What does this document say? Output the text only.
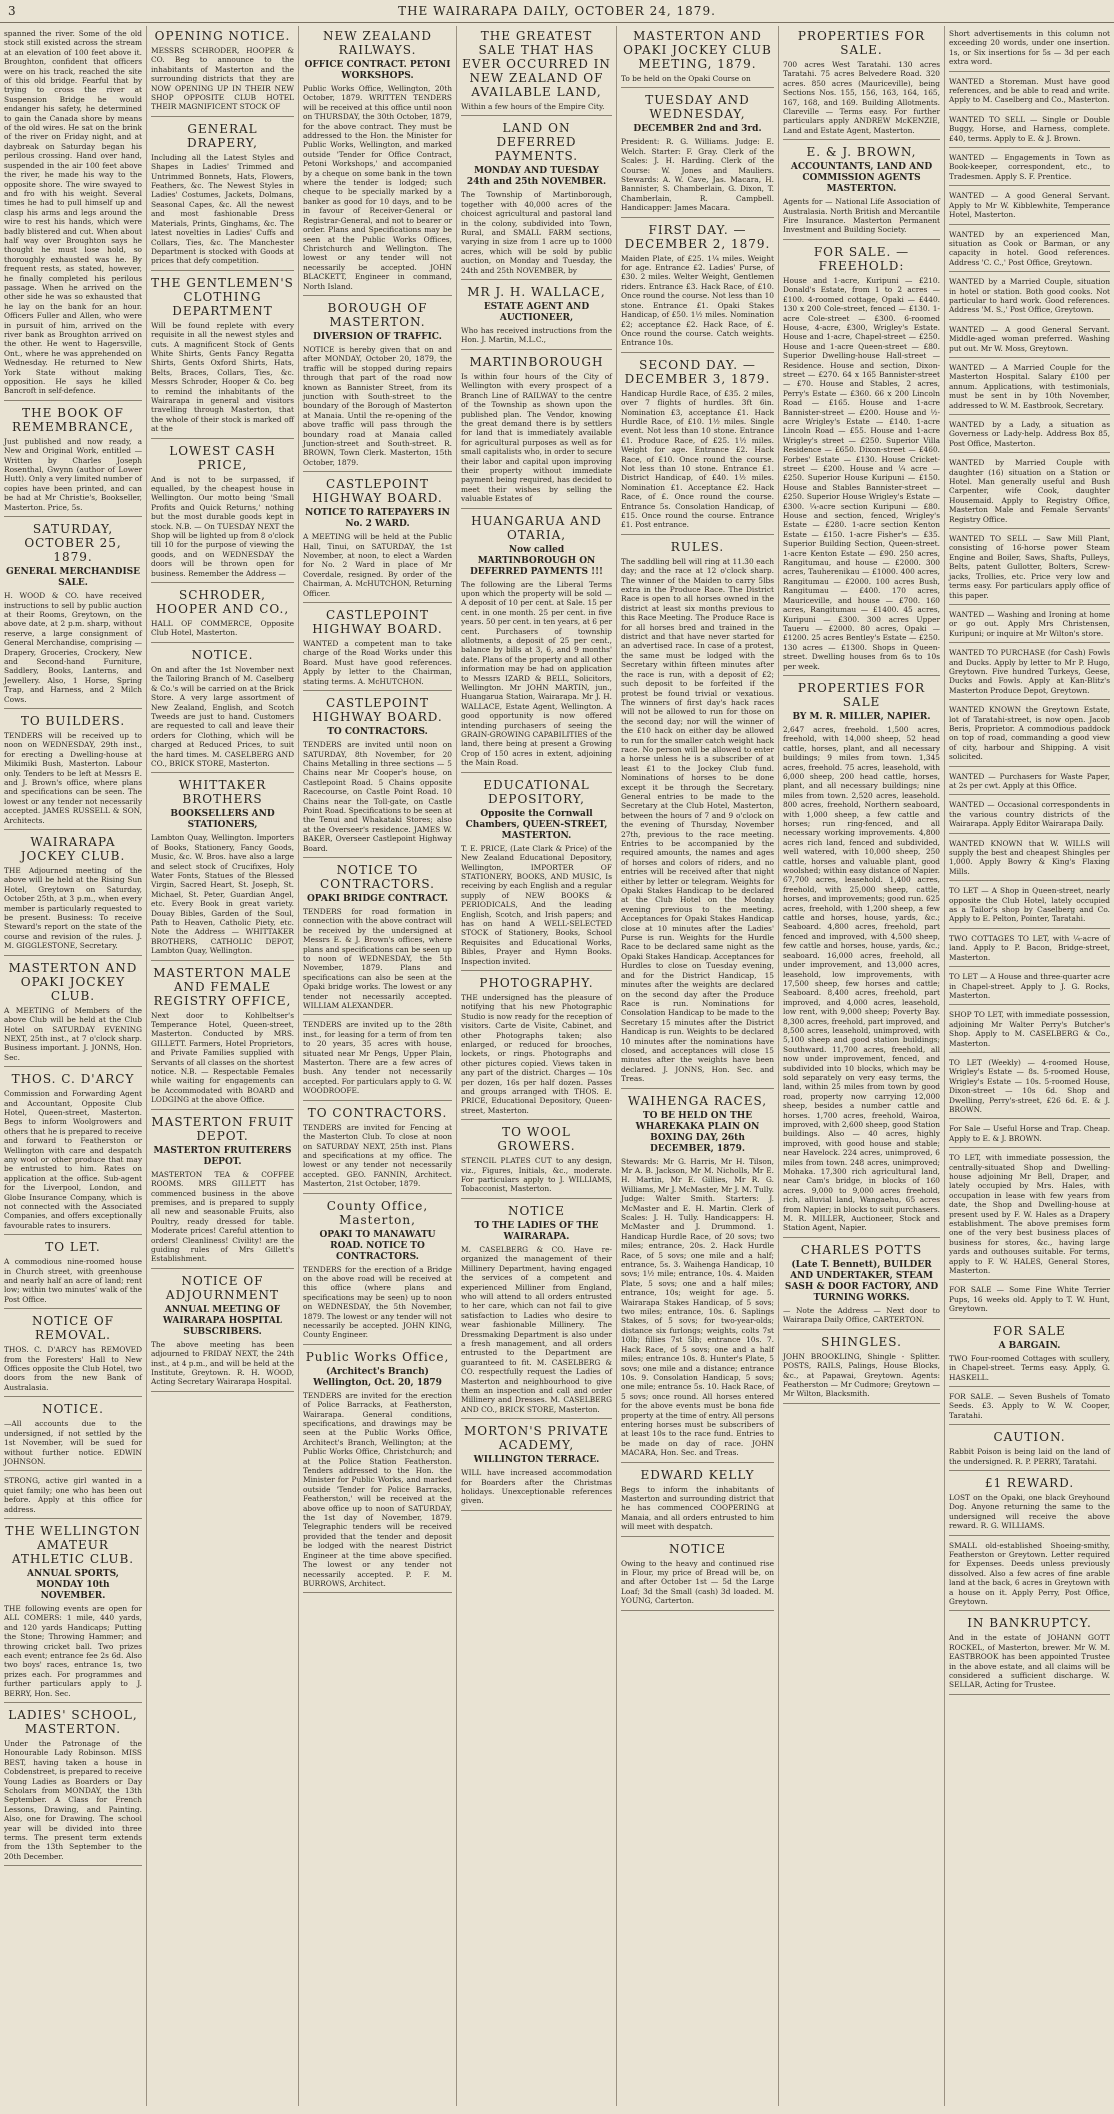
3	THE WAIRARAPA DAILY, OCTOBER 24, 1879.
spanned the river. Some of the old stock still existed across the stream at an elevation of 100 feet above it. Broughton, confident that officers were on his track, reached the site of this old bridge. Fearful that by trying to cross the river at Suspension Bridge he would endanger his safety, he determined to gain the Canada shore by means of the old wires. He sat on the brink of the river on Friday night, and at daybreak on Saturday began his perilous crossing. Hand over hand, suspended in the air 100 feet above the river, he made his way to the opposite shore. The wire swayed to and fro with his weight. Several times he had to pull himself up and clasp his arms and legs around the wire to rest his hands, which were badly blistered and cut. When about half way over Broughton says he thought he must lose hold, so thoroughly exhausted was he. By frequent rests, as stated, however, he finally completed his perilous passage. When he arrived on the other side he was so exhausted that he lay on the bank for an hour. Officers Fuller and Allen, who were in pursuit of him, arrived on the river bank as Broughton arrived on the other. He went to Hagersville, Ont., where he was apprehended on Wednesday. He returned to New York State without making opposition. He says he killed Bancroft in self-defence.
THE BOOK OF REMEMBRANCE,
Just published and now ready, a New and Original Work, entitled — Written by Charles Joseph Rosenthal, Gwynn (author of Lower Hutt). Only a very limited number of copies have been printed, and can be had at Mr Christie's, Bookseller, Masterton. Price, 5s.
SATURDAY, OCTOBER 25, 1879.
GENERAL MERCHANDISE SALE.
H. WOOD & CO. have received instructions to sell by public auction at their Rooms, Greytown, on the above date, at 2 p.m. sharp, without reserve, a large consignment of General Merchandise, comprising — Drapery, Groceries, Crockery, New and Second-hand Furniture, Saddlery, Books, Lanterns, and Jewellery. Also, 1 Horse, Spring Trap, and Harness, and 2 Milch Cows.
TO BUILDERS.
TENDERS will be received up to noon on WEDNESDAY, 29th inst., for erecting a Dwelling-house at Mikimiki Bush, Masterton. Labour only. Tenders to be left at Messrs E. and J. Brown's office, where plans and specifications can be seen. The lowest or any tender not necessarily accepted. JAMES RUSSELL & SON, Architects.
WAIRARAPA JOCKEY CLUB.
THE Adjourned meeting of the above will be held at the Rising Sun Hotel, Greytown on Saturday, October 25th, at 3 p.m., when every member is particularly requested to be present. Business: To receive Steward's report on the state of the course and revision of the rules. J. M. GIGGLESTONE, Secretary.
MASTERTON AND OPAKI JOCKEY CLUB.
A MEETING of Members of the above Club will be held at the Club Hotel on SATURDAY EVENING NEXT, 25th inst., at 7 o'clock sharp. Business important. J. JONNS, Hon. Sec.
THOS. C. D'ARCY
Commission and Forwarding Agent and Accountant, Opposite Club Hotel, Queen-street, Masterton. Begs to inform Woolgrowers and others that he is prepared to receive and forward to Featherston or Wellington with care and despatch any wool or other produce that may be entrusted to him. Rates on application at the office. Sub-agent for the Liverpool, London, and Globe Insurance Company, which is not connected with the Associated Companies, and offers exceptionally favourable rates to insurers.
TO LET.
A commodious nine-roomed house in Church street, with greenhouse and nearly half an acre of land; rent low; within two minutes' walk of the Post Office.
NOTICE OF REMOVAL.
THOS. C. D'ARCY has REMOVED from the Foresters' Hall to New Offices opposite the Club Hotel, two doors from the new Bank of Australasia.
NOTICE.
—All accounts due to the undersigned, if not settled by the 1st November, will be sued for without further notice. EDWIN JOHNSON.
STRONG, active girl wanted in a quiet family; one who has been out before. Apply at this office for address.
THE WELLINGTON AMATEUR ATHLETIC CLUB.
ANNUAL SPORTS, MONDAY 10th NOVEMBER.
THE following events are open for ALL COMERS: 1 mile, 440 yards, and 120 yards Handicaps; Putting the Stone; Throwing Hammer; and throwing cricket ball. Two prizes each event; entrance fee 2s 6d. Also two boys' races, entrance 1s, two prizes each. For programmes and further particulars apply to J. BERRY, Hon. Sec.
LADIES' SCHOOL, MASTERTON.
Under the Patronage of the Honourable Lady Robinson. MISS BEST, having taken a house in Cobdenstreet, is prepared to receive Young Ladies as Boarders or Day Scholars from MONDAY, the 13th September. A Class for French Lessons, Drawing, and Painting. Also, one for Drawing. The school year will be divided into three terms. The present term extends from the 13th September to the 20th December.
OPENING NOTICE.
MESSRS SCHRODER, HOOPER & CO. Beg to announce to the inhabitants of Masterton and the surrounding districts that they are NOW OPENING UP IN THEIR NEW SHOP OPPOSITE CLUB HOTEL THEIR MAGNIFICENT STOCK OF
GENERAL DRAPERY,
Including all the Latest Styles and Shapes in Ladies' Trimmed and Untrimmed Bonnets, Hats, Flowers, Feathers, &c. The Newest Styles in Ladies' Costumes, Jackets, Dolmans, Seasonal Capes, &c. All the newest and most fashionable Dress Materials, Prints, Ginghams, &c. The latest novelties in Ladies' Cuffs and Collars, Ties, &c. The Manchester Department is stocked with Goods at prices that defy competition.
THE GENTLEMEN'S CLOTHING DEPARTMENT
Will be found replete with every requisite in all the newest styles and cuts. A magnificent Stock of Gents White Shirts, Gents Fancy Regatta Shirts, Gents Oxford Shirts, Hats, Belts, Braces, Collars, Ties, &c. Messrs Schroder, Hooper & Co. beg to remind the inhabitants of the Wairarapa in general and visitors travelling through Masterton, that the whole of their stock is marked off at the
LOWEST CASH PRICE,
And is not to be surpassed, if equalled, by the cheapest house in Wellington. Our motto being 'Small Profits and Quick Returns,' nothing but the most durable goods kept in stock. N.B. — On TUESDAY NEXT the Shop will be lighted up from 8 o'clock till 10 for the purpose of viewing the goods, and on WEDNESDAY the doors will be thrown open for business. Remember the Address —
SCHRODER, HOOPER AND CO.,
HALL OF COMMERCE, Opposite Club Hotel, Masterton.
NOTICE.
On and after the 1st November next the Tailoring Branch of M. Caselberg & Co.'s will be carried on at the Brick Store. A very large assortment of New Zealand, English, and Scotch Tweeds are just to hand. Customers are requested to call and leave their orders for Clothing, which will be charged at Reduced Prices, to suit the hard times. M. CASELBERG AND CO., BRICK STORE, Masterton.
WHITTAKER BROTHERS
BOOKSELLERS AND STATIONERS,
Lambton Quay, Wellington. Importers of Books, Stationery, Fancy Goods, Music, &c. W. Bros. have also a large and select stock of Crucifixes, Holy Water Fonts, Statues of the Blessed Virgin, Sacred Heart, St. Joseph, St. Michael, St. Peter, Guardian Angel, etc. Every Book in great variety. Douay Bibles, Garden of the Soul, Path to Heaven, Catholic Piety, etc. Note the Address — WHITTAKER BROTHERS, CATHOLIC DEPOT, Lambton Quay, Wellington.
MASTERTON MALE AND FEMALE REGISTRY OFFICE,
Next door to Kohlbeltser's Temperance Hotel, Queen-street, Masterton. Conducted by MRS. GILLETT. Farmers, Hotel Proprietors, and Private Families supplied with Servants of all classes on the shortest notice. N.B. — Respectable Females while waiting for engagements can be Accommodated with BOARD and LODGING at the above Office.
MASTERTON FRUIT DEPOT.
MASTERTON FRUITERERS DEPOT.
MASTERTON TEA & COFFEE ROOMS. MRS GILLETT has commenced business in the above premises, and is prepared to supply all new and seasonable Fruits, also Poultry, ready dressed for table. Moderate prices! Careful attention to orders! Cleanliness! Civility! are the guiding rules of Mrs Gillett's Establishment.
NOTICE OF ADJOURNMENT
ANNUAL MEETING OF WAIRARAPA HOSPITAL SUBSCRIBERS.
The above meeting has been adjourned to FRIDAY NEXT, the 24th inst., at 4 p.m., and will be held at the Institute, Greytown. R. H. WOOD, Acting Secretary Wairarapa Hospital.
NEW ZEALAND RAILWAYS.
OFFICE CONTRACT. PETONI WORKSHOPS.
Public Works Office, Wellington, 20th October, 1879. WRITTEN TENDERS will be received at this office until noon on THURSDAY, the 30th October, 1879, for the above contract. They must be addressed to the Hon. the Minister for Public Works, Wellington, and marked outside 'Tender for Office Contract, Petoni Workshops,' and accompanied by a cheque on some bank in the town where the tender is lodged; such cheque to be specially marked by a banker as good for 10 days, and to be in favour of Receiver-General or Registrar-General, and not to bearer or order. Plans and Specifications may be seen at the Public Works Offices, Christchurch and Wellington. The lowest or any tender will not necessarily be accepted. JOHN BLACKETT, Engineer in command, North Island.
BOROUGH OF MASTERTON.
DIVERSION OF TRAFFIC.
NOTICE is hereby given that on and after MONDAY, October 20, 1879, the traffic will be stopped during repairs through that part of the road now known as Bannister Street, from its junction with South-street to the boundary of the Borough of Masterton at Manaia. Until the re-opening of the above traffic will pass through the boundary road at Manaia called Junction-street and South-street. R. BROWN, Town Clerk. Masterton, 15th October, 1879.
CASTLEPOINT HIGHWAY BOARD.
NOTICE TO RATEPAYERS IN No. 2 WARD.
A MEETING will be held at the Public Hall, Tinui, on SATURDAY, the 1st November, at noon, to elect a Warden for No. 2 Ward in place of Mr Coverdale, resigned. By order of the Chairman, A. McHUTCHON, Returning Officer.
CASTLEPOINT HIGHWAY BOARD.
WANTED a competent man to take charge of the Road Works under this Board. Must have good references. Apply by letter to the Chairman, stating terms. A. McHUTCHON.
CASTLEPOINT HIGHWAY BOARD.
TO CONTRACTORS.
TENDERS are invited until noon on SATURDAY, 8th November, for 20 Chains Metalling in three sections — 5 Chains near Mr Cooper's house, on Castlepoint Road. 5 Chains opposite Racecourse, on Castle Point Road. 10 Chains near the Toll-gate, on Castle Point Road. Specifications to be seen at the Tenui and Whakataki Stores; also at the Overseer's residence. JAMES W. BAKER, Overseer Castlepoint Highway Board.
NOTICE TO CONTRACTORS.
OPAKI BRIDGE CONTRACT.
TENDERS for road formation in connection with the above contract will be received by the undersigned at Messrs E. & J. Brown's offices, where plans and specifications can be seen up to noon of WEDNESDAY, the 5th November, 1879. Plans and specifications can also be seen at the Opaki bridge works. The lowest or any tender not necessarily accepted. WILLIAM ALEXANDER.
TENDERS are invited up to the 28th inst., for leasing for a term of from ten to 20 years, 35 acres with house, situated near Mr Pengs, Upper Plain, Masterton. There are a few acres of bush. Any tender not necessarily accepted. For particulars apply to G. W. WOODROOFE.
TO CONTRACTORS.
TENDERS are invited for Fencing at the Masterton Club. To close at noon on SATURDAY NEXT, 25th inst. Plans and specifications at my office. The lowest or any tender not necessarily accepted. GEO. FANNIN, Architect. Masterton, 21st October, 1879.
County Office, Masterton,
OPAKI TO MANAWATU ROAD. NOTICE TO CONTRACTORS.
TENDERS for the erection of a Bridge on the above road will be received at this office (where plans and specifications may be seen) up to noon on WEDNESDAY, the 5th November, 1879. The lowest or any tender will not necessarily be accepted. JOHN KING, County Engineer.
Public Works Office,
(Architect's Branch) Wellington, Oct. 20, 1879
TENDERS are invited for the erection of Police Barracks, at Featherston, Wairarapa. General conditions, specifications, and drawings may be seen at the Public Works Office, Architect's Branch, Wellington; at the Public Works Office, Christchurch; and at the Police Station Featherston. Tenders addressed to the Hon. the Minister for Public Works, and marked outside 'Tender for Police Barracks, Featherston,' will be received at the above office up to noon of SATURDAY, the 1st day of November, 1879. Telegraphic tenders will be received provided that the tender and deposit be lodged with the nearest District Engineer at the time above specified. The lowest or any tender not necessarily accepted. P. F. M. BURROWS, Architect.
THE GREATEST SALE THAT HAS EVER OCCURRED IN NEW ZEALAND OF AVAILABLE LAND,
Within a few hours of the Empire City.
LAND ON DEFERRED PAYMENTS.
MONDAY AND TUESDAY 24th and 25th NOVEMBER.
The Township of Martinborough, together with 40,000 acres of the choicest agricultural and pastoral land in the colony, subdivided into Town, Rural, and SMALL FARM sections, varying in size from 1 acre up to 1000 acres, which will be sold by public auction, on Monday and Tuesday, the 24th and 25th NOVEMBER, by
MR J. H. WALLACE,
ESTATE AGENT AND AUCTIONEER,
Who has received instructions from the Hon. J. Martin, M.L.C.,
MARTINBOROUGH
Is within four hours of the City of Wellington with every prospect of a Branch Line of RAILWAY to the centre of the Township as shown upon the published plan. The Vendor, knowing the great demand there is by settlers for land that is immediately available for agricultural purposes as well as for small capitalists who, in order to secure their labor and capital upon improving their property without immediate payment being required, has decided to meet their wishes by selling the valuable Estates of
HUANGARUA AND OTARIA,
Now called MARTINBOROUGH ON DEFERRED PAYMENTS !!!
The following are the Liberal Terms upon which the property will be sold — A deposit of 10 per cent. at Sale. 15 per cent. in one month. 25 per cent. in five years. 50 per cent. in ten years, at 6 per cent. Purchasers of township allotments, a deposit of 25 per cent., balance by bills at 3, 6, and 9 months' date. Plans of the property and all other information may be had on application to Messrs IZARD & BELL, Solicitors, Wellington. Mr JOHN MARTIN, jun., Huangarua Station, Wairarapa. Mr J. H. WALLACE, Estate Agent, Wellington. A good opportunity is now offered intending purchasers of seeing the GRAIN-GROWING CAPABILITIES of the land, there being at present a Growing Crop of 150 acres in extent, adjoining the Main Road.
EDUCATIONAL DEPOSITORY,
Opposite the Cornwall Chambers, QUEEN-STREET, MASTERTON.
T. E. PRICE, (Late Clark & Price) of the New Zealand Educational Depository, Wellington, IMPORTER OF STATIONERY, BOOKS, AND MUSIC, Is receiving by each English and a regular supply of NEW BOOKS & PERIODICALS, And the leading English, Scotch, and Irish papers; and has on hand A WELL-SELECTED STOCK of Stationery, Books, School Requisites and Educational Works, Bibles, Prayer and Hymn Books. Inspection invited.
PHOTOGRAPHY.
THE undersigned has the pleasure of notifying that his new Photographic Studio is now ready for the reception of visitors. Carte de Visite, Cabinet, and other Photographs taken; also enlarged, or reduced for brooches, lockets, or rings. Photographs and other pictures copied. Views taken in any part of the district. Charges — 10s per dozen, 16s per half dozen. Passes and groups arranged with THOS. E. PRICE, Educational Depository, Queen-street, Masterton.
TO WOOL GROWERS.
STENCIL PLATES CUT to any design, viz., Figures, Initials, &c., moderate. For particulars apply to J. WILLIAMS, Tobacconist, Masterton.
NOTICE
TO THE LADIES OF THE WAIRARAPA.
M. CASELBERG & CO. Have re-organized the management of their Millinery Department, having engaged the services of a competent and experienced Milliner from England, who will attend to all orders entrusted to her care, which can not fail to give satisfaction to Ladies who desire to wear fashionable Millinery. The Dressmaking Department is also under a fresh management, and all orders entrusted to the Department are guaranteed to fit. M. CASELBERG & CO. respectfully request the Ladies of Masterton and neighbourhood to give them an inspection and call and order Millinery and Dresses. M. CASELBERG AND CO., BRICK STORE, Masterton.
MORTON'S PRIVATE ACADEMY,
WILLINGTON TERRACE.
WILL have increased accommodation for Boarders after the Christmas holidays. Unexceptionable references given.
MASTERTON AND OPAKI JOCKEY CLUB MEETING, 1879.
To be held on the Opaki Course on
TUESDAY AND WEDNESDAY,
DECEMBER 2nd and 3rd.
President: R. G. Williams. Judge: E. Welch. Starter: F. Gray. Clerk of the Scales: J. H. Harding. Clerk of the Course: W. Jones and Mauliers. Stewards: A. W. Cave, Jas. Macara, H. Bannister, S. Chamberlain, G. Dixon, T. Chamberlain, R. Campbell. Handicapper: James Macara.
FIRST DAY. — DECEMBER 2, 1879.
Maiden Plate, of £25. 1¼ miles. Weight for age. Entrance £2. Ladies' Purse, of £30. 2 miles. Welter Weight, Gentlemen riders. Entrance £3. Hack Race, of £10. Once round the course. Not less than 10 stone. Entrance £1. Opaki Stakes Handicap, of £50. 1½ miles. Nomination £2; acceptance £2. Hack Race, of £. Once round the course. Catch weights. Entrance 10s.
SECOND DAY. — DECEMBER 3, 1879.
Handicap Hurdle Race, of £35. 2 miles, over 7 flights of hurdles. 3ft 6in. Nomination £3, acceptance £1. Hack Hurdle Race, of £10. 1½ miles. Single event. Not less than 10 stone. Entrance £1. Produce Race, of £25. 1½ miles. Weight for age. Entrance £2. Hack Race, of £10. Once round the course. Not less than 10 stone. Entrance £1. District Handicap, of £40. 1½ miles. Nomination £1. Acceptance £2. Hack Race, of £. Once round the course. Entrance 5s. Consolation Handicap, of £15. Once round the course. Entrance £1. Post entrance.
RULES.
The saddling bell will ring at 11.30 each day; and the race at 12 o'clock sharp. The winner of the Maiden to carry 5lbs extra in the Produce Race. The District Race is open to all horses owned in the district at least six months previous to this Race Meeting. The Produce Race is for all horses bred and trained in the district and that have never started for an advertised race. In case of a protest, the same must be lodged with the Secretary within fifteen minutes after the race is run, with a deposit of £2; such deposit to be forfeited if the protest be found trivial or vexatious. The winners of first day's hack races will not be allowed to run for those on the second day; nor will the winner of the £10 hack on either day be allowed to run for the smaller catch weight hack race. No person will be allowed to enter a horse unless he is a subscriber of at least £1 to the Jockey Club fund. Nominations of horses to be done except it be through the Secretary. General entries to be made to the Secretary at the Club Hotel, Masterton, between the hours of 7 and 9 o'clock on the evening of Thursday, November 27th, previous to the race meeting. Entries to be accompanied by the required amounts, the names and ages of horses and colors of riders, and no entries will be received after that night either by letter or telegram. Weights for Opaki Stakes Handicap to be declared at the Club Hotel on the Monday evening previous to the meeting. Acceptances for Opaki Stakes Handicap close at 10 minutes after the Ladies' Purse is run. Weights for the Hurdle Race to be declared same night as the Opaki Stakes Handicap. Acceptances for Hurdles to close on Tuesday evening, and for the District Handicap, 15 minutes after the weights are declared on the second day after the Produce Race is run. Nominations for Consolation Handicap to be made to the Secretary 15 minutes after the District Handicap is run. Weights to be declared 10 minutes after the nominations have closed, and acceptances will close 15 minutes after the weights have been declared. J. JONNS, Hon. Sec. and Treas.
WAIHENGA RACES,
TO BE HELD ON THE WHAREKAKA PLAIN ON BOXING DAY, 26th DECEMBER, 1879.
Stewards: Mr G. Harris, Mr H. Tilson, Mr A. B. Jackson, Mr M. Nicholls, Mr E. H. Martin, Mr E. Gillies, Mr R. G. Williams, Mr J. McMaster, Mr J. M. Tully. Judge: Walter Smith. Starters: J. McMaster and E. H. Martin. Clerk of Scales: J. H. Tully. Handicappers: H. McMaster and J. Drummond. 1. Handicap Hurdle Race, of 20 sovs; two miles; entrance, 20s. 2. Hack Hurdle Race, of 5 sovs; one mile and a half; entrance, 5s. 3. Waihenga Handicap, 10 sovs; 1½ mile; entrance, 10s. 4. Maiden Plate, 5 sovs; one and a half miles; entrance, 10s; weight for age. 5. Wairarapa Stakes Handicap, of 5 sovs; two miles; entrance, 10s. 6. Saplings Stakes, of 5 sovs; for two-year-olds; distance six furlongs; weights, colts 7st 10lb; fillies 7st 5lb; entrance 10s. 7. Hack Race, of 5 sovs; one and a half miles; entrance 10s. 8. Hunter's Plate, 5 sovs; one mile and a distance; entrance 10s. 9. Consolation Handicap, 5 sovs; one mile; entrance 5s. 10. Hack Race, of 5 sovs; once round. All horses entered for the above events must be bona fide property at the time of entry. All persons entering horses must be subscribers of at least 10s to the race fund. Entries to be made on day of race. JOHN MACARA, Hon. Sec. and Treas.
EDWARD KELLY
Begs to inform the inhabitants of Masterton and surrounding district that he has commenced COOPERING at Manaia, and all orders entrusted to him will meet with despatch.
NOTICE
Owing to the heavy and continued rise in Flour, my price of Bread will be, on and after October 1st — 5d the Large Loaf; 3d the Small (cash) 3d loaded. M. YOUNG, Carterton.
PROPERTIES FOR SALE.
700 acres West Taratahi. 130 acres Taratahi. 75 acres Belvedere Road. 320 acres. 850 acres (Mauriceville), being Sections Nos. 155, 156, 163, 164, 165, 167, 168, and 169. Building Allotments. Clareville — Terms easy. For further particulars apply ANDREW McKENZIE, Land and Estate Agent, Masterton.
E. & J. BROWN,
ACCOUNTANTS, LAND AND COMMISSION AGENTS MASTERTON.
Agents for — National Life Association of Australasia. North British and Mercantile Fire Insurance. Masterton Permanent Investment and Building Society.
FOR SALE. — FREEHOLD:
House and 1-acre, Kuripuni — £210. Donald's Estate, from 1 to 2 acres — £100. 4-roomed cottage, Opaki — £440. 130 x 200 Cole-street, fenced — £130. 1-acre Cole-street — £300. 6-roomed House, 4-acre, £300, Wrigley's Estate. House and 1-acre, Chapel-street — £250. House and 1-acre Queen-street — £80. Superior Dwelling-house Hall-street — Residence. House and section, Dixon-street — £270. 64 x 165 Bannister-street — £70. House and Stables, 2 acres, Perry's Estate — £360. 66 x 200 Lincoln Road — £165. House and 1-acre Bannister-street — £200. House and ½-acre Wrigley's Estate — £140. 1-acre Lincoln Road — £55. House and 1-acre Wrigley's street — £250. Superior Villa Residence — £650. Dixon-street — £460. Forbes' Estate — £130. House Cricket-street — £200. House and ¼ acre — £250. Superior House Kuripuni — £150. House and Stables Bannister-street — £250. Superior House Wrigley's Estate — £300. ¼-acre section Kuripuni — £80. House and section, fenced, Wrigley's Estate — £280. 1-acre section Kenton Estate — £150. 1-acre Fisher's — £35. Superior Building Section, Queen-street. 1-acre Kenton Estate — £90. 250 acres, Rangitumau, and house — £2000. 300 acres, Tauherenikau — £1000. 400 acres, Rangitumau — £2000. 100 acres Bush, Rangitumau — £400. 170 acres, Mauriceville, and house — £700. 160 acres, Rangitumau — £1400. 45 acres, Kuripuni — £300. 300 acres Upper Taueru — £2000. 80 acres, Opaki — £1200. 25 acres Bentley's Estate — £250. 130 acres — £1300. Shops in Queen-street. Dwelling houses from 6s to 10s per week.
PROPERTIES FOR SALE
BY M. R. MILLER, NAPIER.
2,647 acres, freehold. 1,500 acres, freehold, with 14,000 sheep, 52 head cattle, horses, plant, and all necessary buildings; 9 miles from town. 1,345 acres, freehold. 75 acres, leasehold, with 6,000 sheep, 200 head cattle, horses, plant, and all necessary buildings; nine miles from town. 2,520 acres, leasehold. 800 acres, freehold, Northern seaboard, with 1,000 sheep, a few cattle and horses; run ring-fenced, and all necessary working improvements. 4,800 acres rich land, fenced and subdivided, well watered, with 10,000 sheep, 250 cattle, horses and valuable plant, good woolshed; within easy distance of Napier. 67,700 acres, leasehold. 1,400 acres, freehold, with 25,000 sheep, cattle, horses, and improvements; good run. 625 acres, freehold, with 1,200 sheep, a few cattle and horses, house, yards, &c.; Seaboard. 4,800 acres, freehold, part fenced and improved, with 4,500 sheep, few cattle and horses, house, yards, &c.; seaboard. 16,000 acres, freehold, all under improvement, and 13,000 acres, leasehold, low improvements, with 17,500 sheep, few horses and cattle; Seaboard. 8,400 acres, freehold, part improved, and 4,000 acres, leasehold, low rent, with 9,000 sheep; Poverty Bay. 8,300 acres, freehold, part improved, and 8,500 acres, leasehold, unimproved, with 5,100 sheep and good station buildings; Southward. 11,700 acres, freehold, all now under improvement, fenced, and subdivided into 10 blocks, which may be sold separately on very easy terms, the land, within 25 miles from town by good road, property now carrying 12,000 sheep, besides a number cattle and horses. 1,700 acres, freehold, Wairoa, improved, with 2,600 sheep, good Station buildings. Also — 40 acres, highly improved, with good house and stable; near Havelock. 224 acres, unimproved, 6 miles from town. 248 acres, unimproved; Mohaka. 17,300 rich agricultural land, near Cam's bridge, in blocks of 160 acres. 9,000 to 9,000 acres freehold, rich, alluvial land, Wangaehu, 65 acres from Napier; in blocks to suit purchasers. M. R. MILLER, Auctioneer, Stock and Station Agent, Napier.
CHARLES POTTS
(Late T. Bennett), BUILDER AND UNDERTAKER, STEAM SASH & DOOR FACTORY, AND TURNING WORKS.
— Note the Address — Next door to Wairarapa Daily Office, CARTERTON.
SHINGLES.
JOHN BROOKLING, Shingle - Splitter. POSTS, RAILS, Palings, House Blocks, &c., at Papawai, Greytown. Agents: Featherston — Mr Cudmore; Greytown — Mr Wilton, Blacksmith.
Short advertisements in this column not exceeding 20 words, under one insertion. 1s, or Six insertions for 5s — 3d per each extra word.
WANTED a Storeman. Must have good references, and be able to read and write. Apply to M. Caselberg and Co., Masterton.
WANTED TO SELL — Single or Double Buggy, Horse, and Harness, complete. £40, terms. Apply to E. & J. Brown.
WANTED — Engagements in Town as Book-keeper, correspondent, etc., to Tradesmen. Apply S. F. Prentice.
WANTED — A good General Servant. Apply to Mr W. Kibblewhite, Temperance Hotel, Masterton.
WANTED by an experienced Man, situation as Cook or Barman, or any capacity in hotel. Good references. Address 'C. C.,' Post Office, Greytown.
WANTED by a Married Couple, situation in hotel or station. Both good cooks. Not particular to hard work. Good references. Address 'M. S.,' Post Office, Greytown.
WANTED — A good General Servant. Middle-aged woman preferred. Washing put out. Mr W. Moss, Greytown.
WANTED — A Married Couple for the Masterton Hospital. Salary £100 per annum. Applications, with testimonials, must be sent in by 10th November, addressed to W. M. Eastbrook, Secretary.
WANTED by a Lady, a situation as Governess or Lady-help. Address Box 85, Post Office, Masterton.
WANTED by Married Couple with daughter (16) situation on a Station or Hotel. Man generally useful and Bush Carpenter, wife Cook, daughter Housemaid. Apply to Registry Office, Masterton Male and Female Servants' Registry Office.
WANTED TO SELL — Saw Mill Plant, consisting of 16-horse power Steam Engine and Boiler, Saws, Shafts, Pulleys, Belts, patent Gullotter, Bolters, Screw-jacks, Trollies, etc. Price very low and terms easy. For particulars apply office of this paper.
WANTED — Washing and Ironing at home or go out. Apply Mrs Christensen, Kuripuni; or inquire at Mr Wilton's store.
WANTED TO PURCHASE (for Cash) Fowls and Ducks. Apply by letter to Mr P. Hugo, Greytown. Five hundred Turkeys, Geese, Ducks and Fowls. Apply at Kan-Blitz's Masterton Produce Depot, Greytown.
WANTED KNOWN the Greytown Estate, lot of Taratahi-street, is now open. Jacob Beris, Proprietor. A commodious paddock on top of road, commanding a good view of city, harbour and Shipping. A visit solicited.
WANTED — Purchasers for Waste Paper, at 2s per cwt. Apply at this Office.
WANTED — Occasional correspondents in the various country districts of the Wairarapa. Apply Editor Wairarapa Daily.
WANTED KNOWN that W. WILLS will supply the best and cheapest Shingles per 1,000. Apply Bowry & King's Flaxing Mills.
TO LET — A Shop in Queen-street, nearly opposite the Club Hotel, lately occupied as a Tailor's shop by Caselberg and Co. Apply to E. Pelton, Pointer, Taratahi.
TWO COTTAGES TO LET, with ¼-acre of land. Apply to P. Bacon, Bridge-street, Masterton.
TO LET — A House and three-quarter acre in Chapel-street. Apply to J. G. Rocks, Masterton.
SHOP TO LET, with immediate possession, adjoining Mr Walter Perry's Butcher's Shop. Apply to M. CASELBERG & Co., Masterton.
TO LET (Weekly) — 4-roomed House, Wrigley's Estate — 8s. 5-roomed House, Wrigley's Estate — 10s. 5-roomed House, Dixon-street — 10s 6d. Shop and Dwelling, Perry's-street, £26 6d. E. & J. BROWN.
For Sale — Useful Horse and Trap. Cheap. Apply to E. & J. BROWN.
TO LET, with immediate possession, the centrally-situated Shop and Dwelling-house adjoining Mr Bell, Draper, and lately occupied by Mrs. Hales, with occupation in lease with few years from date, the Shop and Dwelling-house at present used by F. W. Hales as a Drapery establishment. The above premises form one of the very best business places of business for stores, &c., having large yards and outhouses suitable. For terms, apply to F. W. HALES, General Stores, Masterton.
FOR SALE — Some Fine White Terrier Pups, 16 weeks old. Apply to T. W. Hunt, Greytown.
FOR SALE
A BARGAIN.
TWO Four-roomed Cottages with scullery, in Chapel-street. Terms easy. Apply, G. HASKELL.
FOR SALE. — Seven Bushels of Tomato Seeds. £3. Apply to W. W. Cooper, Taratahi.
CAUTION.
Rabbit Poison is being laid on the land of the undersigned. R. P. PERRY, Taratahi.
£1 REWARD.
LOST on the Opaki, one black Greyhound Dog. Anyone returning the same to the undersigned will receive the above reward. R. G. WILLIAMS.
SMALL old-established Shoeing-smithy, Featherston or Greytown. Letter required for Expenses. Deeds unless previously dissolved. Also a few acres of fine arable land at the back, 6 acres in Greytown with a house on it. Apply Perry, Post Office, Greytown.
IN BANKRUPTCY.
And in the estate of JOHANN GOTT ROCKEL, of Masterton, brewer. Mr W. M. EASTBROOK has been appointed Trustee in the above estate, and all claims will be considered a sufficient discharge. W. SELLAR, Acting for Trustee.
